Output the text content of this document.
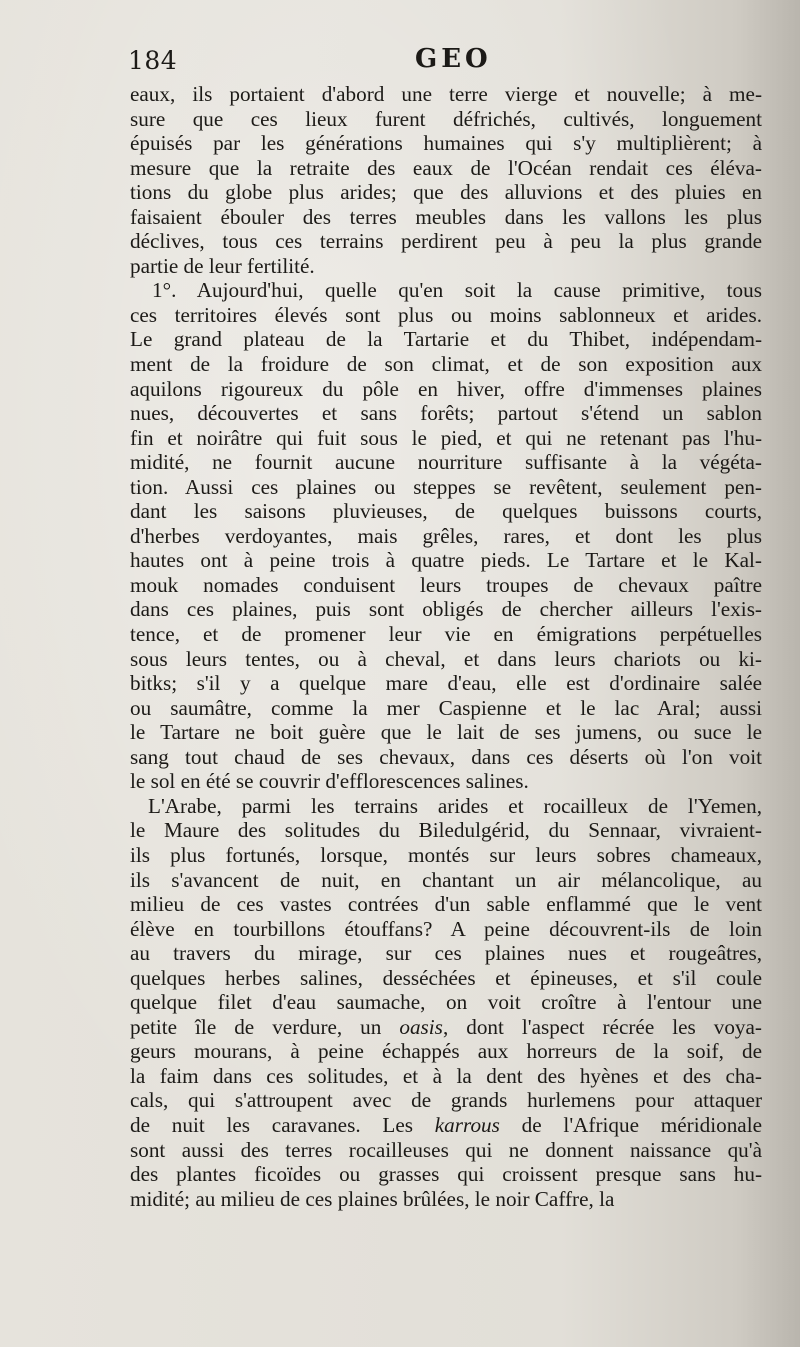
184	GEO
eaux, ils portaient d'abord une terre vierge et nouvelle; à me-
sure que ces lieux furent défrichés, cultivés, longuement
épuisés par les générations humaines qui s'y multiplièrent; à
mesure que la retraite des eaux de l'Océan rendait ces éléva-
tions du globe plus arides; que des alluvions et des pluies en
faisaient ébouler des terres meubles dans les vallons les plus
déclives, tous ces terrains perdirent peu à peu la plus grande
partie de leur fertilité.
1°. Aujourd'hui, quelle qu'en soit la cause primitive, tous
ces territoires élevés sont plus ou moins sablonneux et arides.
Le grand plateau de la Tartarie et du Thibet, indépendam-
ment de la froidure de son climat, et de son exposition aux
aquilons rigoureux du pôle en hiver, offre d'immenses plaines
nues, découvertes et sans forêts; partout s'étend un sablon
fin et noirâtre qui fuit sous le pied, et qui ne retenant pas l'hu-
midité, ne fournit aucune nourriture suffisante à la végéta-
tion. Aussi ces plaines ou steppes se revêtent, seulement pen-
dant les saisons pluvieuses, de quelques buissons courts,
d'herbes verdoyantes, mais grêles, rares, et dont les plus
hautes ont à peine trois à quatre pieds. Le Tartare et le Kal-
mouk nomades conduisent leurs troupes de chevaux paître
dans ces plaines, puis sont obligés de chercher ailleurs l'exis-
tence, et de promener leur vie en émigrations perpétuelles
sous leurs tentes, ou à cheval, et dans leurs chariots ou ki-
bitks; s'il y a quelque mare d'eau, elle est d'ordinaire salée
ou saumâtre, comme la mer Caspienne et le lac Aral; aussi
le Tartare ne boit guère que le lait de ses jumens, ou suce le
sang tout chaud de ses chevaux, dans ces déserts où l'on voit
le sol en été se couvrir d'efflorescences salines.
L'Arabe, parmi les terrains arides et rocailleux de l'Yemen,
le Maure des solitudes du Biledulgérid, du Sennaar, vivraient-
ils plus fortunés, lorsque, montés sur leurs sobres chameaux,
ils s'avancent de nuit, en chantant un air mélancolique, au
milieu de ces vastes contrées d'un sable enflammé que le vent
élève en tourbillons étouffans? A peine découvrent-ils de loin
au travers du mirage, sur ces plaines nues et rougeâtres,
quelques herbes salines, desséchées et épineuses, et s'il coule
quelque filet d'eau saumache, on voit croître à l'entour une
petite île de verdure, un oasis, dont l'aspect récrée les voya-
geurs mourans, à peine échappés aux horreurs de la soif, de
la faim dans ces solitudes, et à la dent des hyènes et des cha-
cals, qui s'attroupent avec de grands hurlemens pour attaquer
de nuit les caravanes. Les karrous de l'Afrique méridionale
sont aussi des terres rocailleuses qui ne donnent naissance qu'à
des plantes ficoïdes ou grasses qui croissent presque sans hu-
midité; au milieu de ces plaines brûlées, le noir Caffre, la
